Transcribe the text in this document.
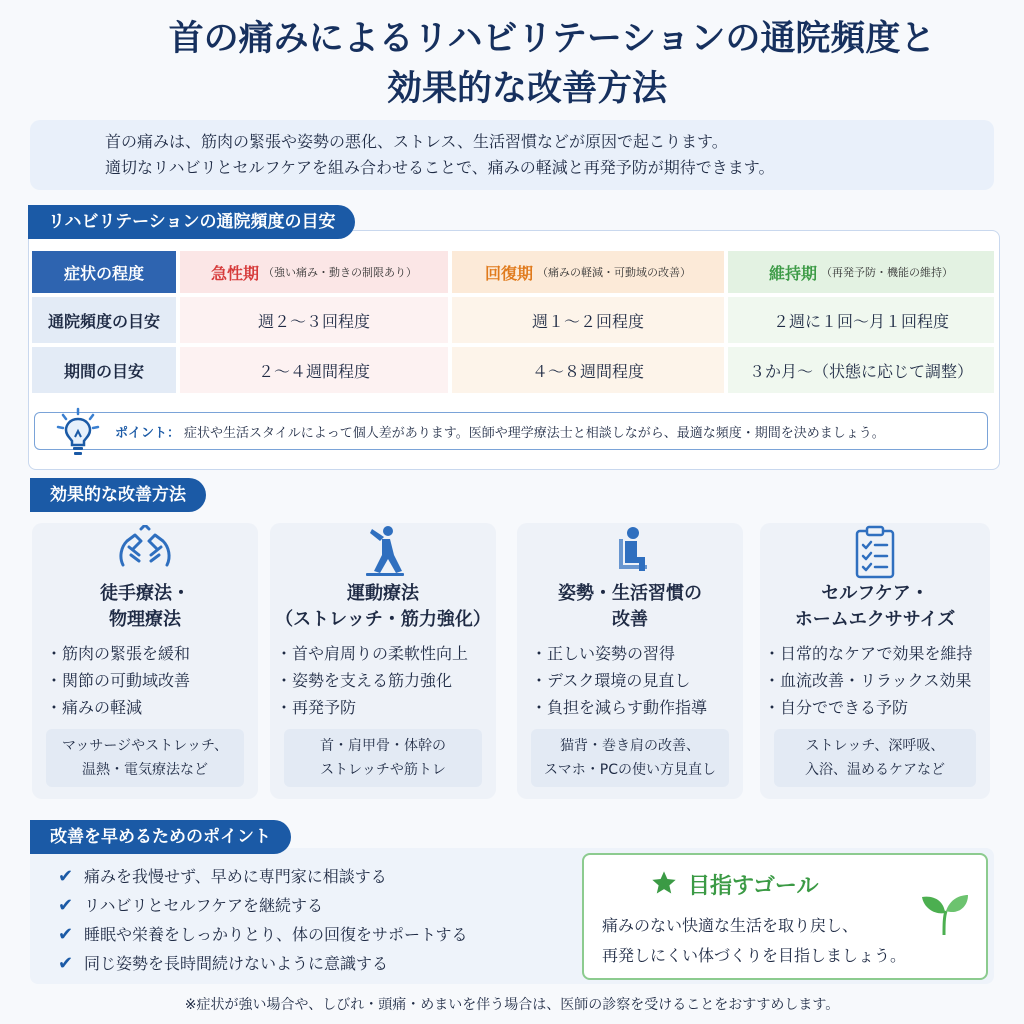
首の痛みによるリハビリテーションの通院頻度と
効果的な改善方法
首の痛みは、筋肉の緊張や姿勢の悪化、ストレス、生活習慣などが原因で起こります。
適切なリハビリとセルフケアを組み合わせることで、痛みの軽減と再発予防が期待できます。
リハビリテーションの通院頻度の目安
症状の程度
通院頻度の目安
期間の目安
急性期 （強い痛み・動きの制限あり）
週２〜３回程度
２〜４週間程度
回復期 （痛みの軽減・可動域の改善）
週１〜２回程度
４〜８週間程度
維持期 （再発予防・機能の維持）
２週に１回〜月１回程度
３か月〜（状態に応じて調整）
ポイント： 症状や生活スタイルによって個人差があります。医師や理学療法士と相談しながら、最適な頻度・期間を決めましょう。
効果的な改善方法
徒手療法・
物理療法
・筋肉の緊張を緩和
・関節の可動域改善
・痛みの軽減
マッサージやストレッチ、
温熱・電気療法など
運動療法
（ストレッチ・筋力強化）
・首や肩周りの柔軟性向上
・姿勢を支える筋力強化
・再発予防
首・肩甲骨・体幹の
ストレッチや筋トレ
姿勢・生活習慣の
改善
・正しい姿勢の習得
・デスク環境の見直し
・負担を減らす動作指導
猫背・巻き肩の改善、
スマホ・PCの使い方見直し
セルフケア・
ホームエクササイズ
・日常的なケアで効果を維持
・血流改善・リラックス効果
・自分でできる予防
ストレッチ、深呼吸、
入浴、温めるケアなど
改善を早めるためのポイント
✔ 痛みを我慢せず、早めに専門家に相談する
✔ リハビリとセルフケアを継続する
✔ 睡眠や栄養をしっかりとり、体の回復をサポートする
✔ 同じ姿勢を長時間続けないように意識する
目指すゴール
痛みのない快適な生活を取り戻し、
再発しにくい体づくりを目指しましょう。
※症状が強い場合や、しびれ・頭痛・めまいを伴う場合は、医師の診察を受けることをおすすめします。
